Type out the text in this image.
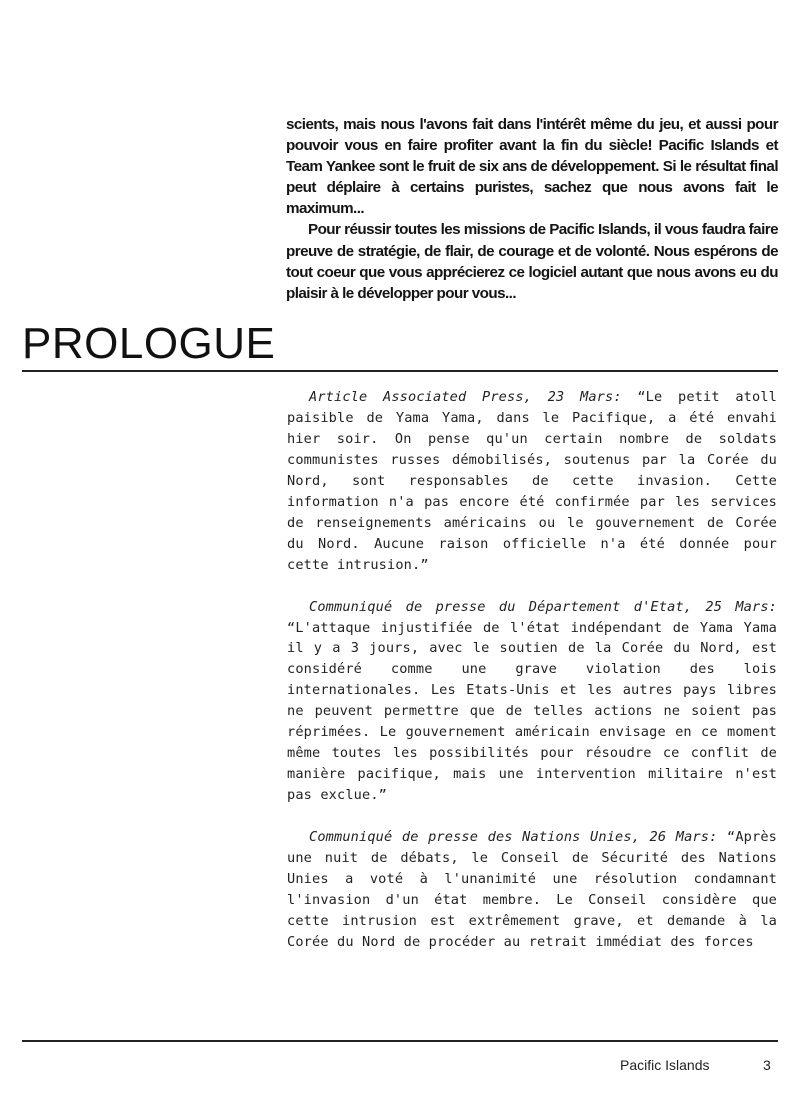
scients, mais nous l'avons fait dans l'intérêt même du jeu, et aussi pour pouvoir vous en faire profiter avant la fin du siècle! Pacific Islands et Team Yankee sont le fruit de six ans de développement. Si le résultat final peut déplaire à certains puristes, sachez que nous avons fait le maximum...

Pour réussir toutes les missions de Pacific Islands, il vous faudra faire preuve de stratégie, de flair, de courage et de volonté. Nous espérons de tout coeur que vous apprécierez ce logiciel autant que nous avons eu du plaisir à le développer pour vous...

PROLOGUE

Article Associated Press, 23 Mars: “Le petit atoll paisible de Yama Yama, dans le Pacifique, a été envahi hier soir. On pense qu'un certain nombre de soldats communistes russes démobilisés, soutenus par la Corée du Nord, sont responsables de cette invasion. Cette information n'a pas encore été confirmée par les services de renseignements américains ou le gouvernement de Corée du Nord. Aucune raison officielle n'a été donnée pour cette intrusion.”

Communiqué de presse du Département d'Etat, 25 Mars: “L'attaque injustifiée de l'état indépendant de Yama Yama il y a 3 jours, avec le soutien de la Corée du Nord, est considéré comme une grave violation des lois internationales. Les Etats-Unis et les autres pays libres ne peuvent permettre que de telles actions ne soient pas réprimées. Le gouvernement américain envisage en ce moment même toutes les possibilités pour résoudre ce conflit de manière pacifique, mais une intervention militaire n'est pas exclue.”

Communiqué de presse des Nations Unies, 26 Mars: “Après une nuit de débats, le Conseil de Sécurité des Nations Unies a voté à l'unanimité une résolution condamnant l'invasion d'un état membre. Le Conseil considère que cette intrusion est extrêmement grave, et demande à la Corée du Nord de procéder au retrait immédiat des forces

Pacific Islands	3
